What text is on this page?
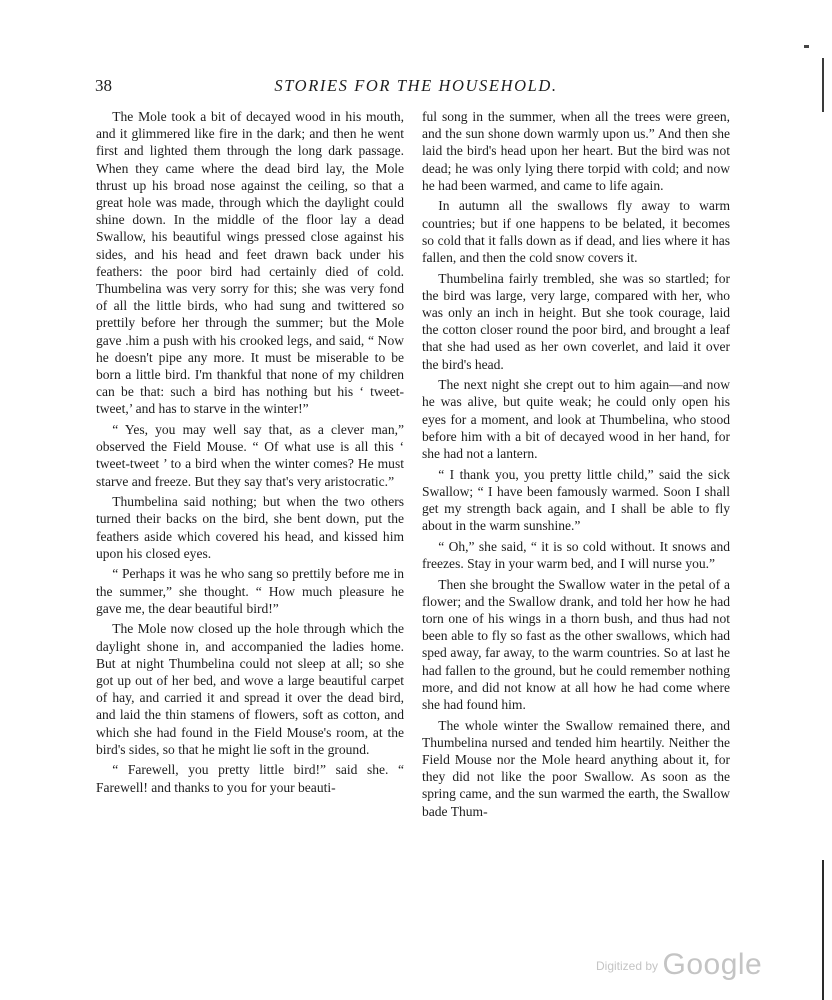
38	STORIES FOR THE HOUSEHOLD.

The Mole took a bit of decayed wood in his mouth, and it glimmered like fire in the dark; and then he went first and lighted them through the long dark passage. When they came where the dead bird lay, the Mole thrust up his broad nose against the ceiling, so that a great hole was made, through which the daylight could shine down. In the middle of the floor lay a dead Swallow, his beautiful wings pressed close against his sides, and his head and feet drawn back under his feathers: the poor bird had certainly died of cold. Thumbelina was very sorry for this; she was very fond of all the little birds, who had sung and twittered so prettily before her through the summer; but the Mole gave .him a push with his crooked legs, and said, “ Now he doesn't pipe any more. It must be miserable to be born a little bird. I'm thankful that none of my children can be that: such a bird has nothing but his ‘ tweet-tweet,’ and has to starve in the winter!”

“ Yes, you may well say that, as a clever man,” observed the Field Mouse. “ Of what use is all this ‘ tweet-tweet ’ to a bird when the winter comes? He must starve and freeze. But they say that's very aristocratic.”

Thumbelina said nothing; but when the two others turned their backs on the bird, she bent down, put the feathers aside which covered his head, and kissed him upon his closed eyes.

“ Perhaps it was he who sang so prettily before me in the summer,” she thought. “ How much pleasure he gave me, the dear beautiful bird!”

The Mole now closed up the hole through which the daylight shone in, and accompanied the ladies home. But at night Thumbelina could not sleep at all; so she got up out of her bed, and wove a large beautiful carpet of hay, and carried it and spread it over the dead bird, and laid the thin stamens of flowers, soft as cotton, and which she had found in the Field Mouse's room, at the bird's sides, so that he might lie soft in the ground.

“ Farewell, you pretty little bird!” said she. “ Farewell! and thanks to you for your beauti-

ful song in the summer, when all the trees were green, and the sun shone down warmly upon us.” And then she laid the bird's head upon her heart. But the bird was not dead; he was only lying there torpid with cold; and now he had been warmed, and came to life again.

In autumn all the swallows fly away to warm countries; but if one happens to be belated, it becomes so cold that it falls down as if dead, and lies where it has fallen, and then the cold snow covers it.

Thumbelina fairly trembled, she was so startled; for the bird was large, very large, compared with her, who was only an inch in height. But she took courage, laid the cotton closer round the poor bird, and brought a leaf that she had used as her own coverlet, and laid it over the bird's head.

The next night she crept out to him again—and now he was alive, but quite weak; he could only open his eyes for a moment, and look at Thumbelina, who stood before him with a bit of decayed wood in her hand, for she had not a lantern.

“ I thank you, you pretty little child,” said the sick Swallow; “ I have been famously warmed. Soon I shall get my strength back again, and I shall be able to fly about in the warm sunshine.”

“ Oh,” she said, “ it is so cold without. It snows and freezes. Stay in your warm bed, and I will nurse you.”

Then she brought the Swallow water in the petal of a flower; and the Swallow drank, and told her how he had torn one of his wings in a thorn bush, and thus had not been able to fly so fast as the other swallows, which had sped away, far away, to the warm countries. So at last he had fallen to the ground, but he could remember nothing more, and did not know at all how he had come where she had found him.

The whole winter the Swallow remained there, and Thumbelina nursed and tended him heartily. Neither the Field Mouse nor the Mole heard anything about it, for they did not like the poor Swallow. As soon as the spring came, and the sun warmed the earth, the Swallow bade Thum-

$^{Digitized by}$ Google
